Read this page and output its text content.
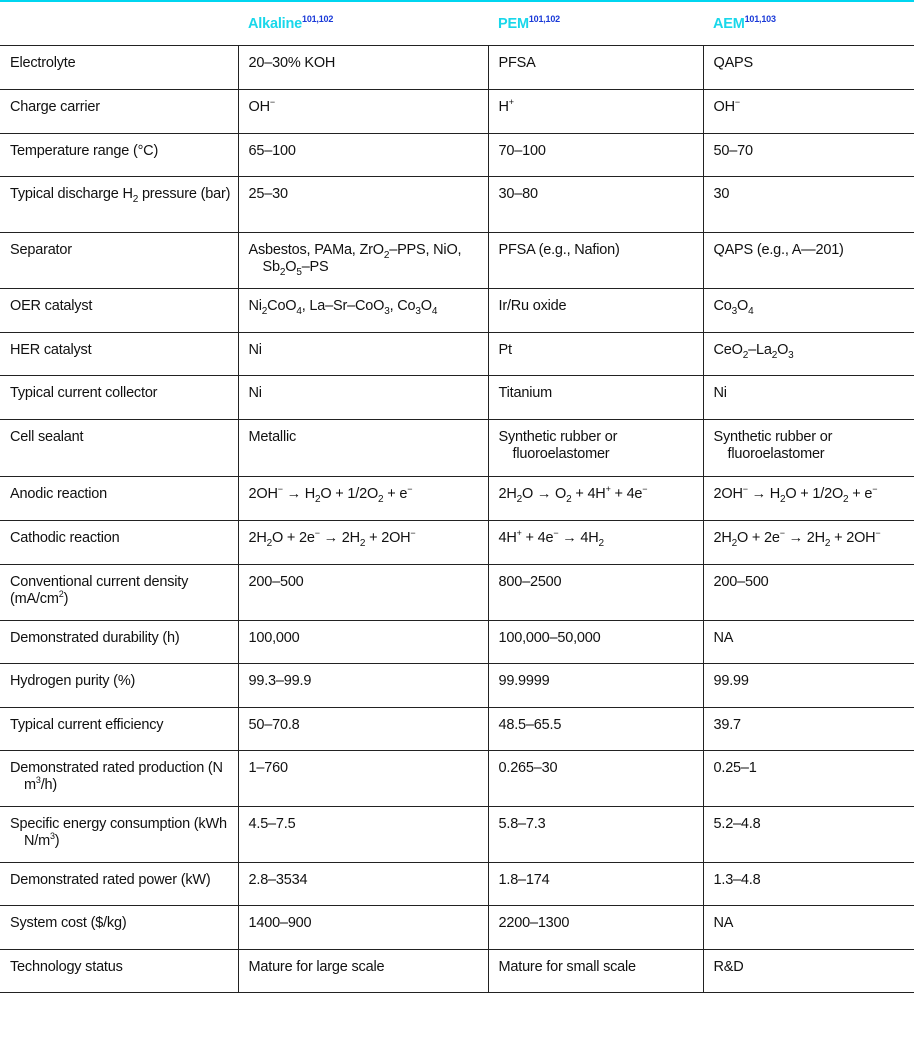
	Alkaline$^{101,102}$	PEM$^{101,102}$	AEM$^{101,103}$

Electrolyte	20–30% KOH	PFSA	QAPS

Charge carrier	OH−	H+	OH−

Temperature range (°C)	65–100	70–100	50–70

Typical discharge $H_2$ pressure (bar)	25–30	30–80	30

Separator	Asbestos, PAMa, ZrO$_2$–PPS, NiO, $Sb_2O_5-PS$	PFSA (e.g., Nafion)	QAPS (e.g., A—201)

OER catalyst	$Ni_2CoO_4$, La–Sr–CoO$_3$, $Co_3O_4$	Ir/Ru oxide	$Co_3O_4$

HER catalyst	Ni	Pt	$CeO_2-La_2O_3$

Typical current collector	Ni	Titanium	Ni

Cell sealant	Metallic	Synthetic rubber or fluoroelastomer	Synthetic rubber or fluoroelastomer

Anodic reaction	$2OH^- \to H_2O + 1/2O_2 + e^-$	$2H_2O \to O_2 + 4H^+ + 4e^-$	$2OH^- \to H_2O + 1/2O_2 + e^-$

Cathodic reaction	$2H_2O + 2e^- \to 2H_2 + 2OH^-$	$4H^+ + 4e^- \to 4H_2$	$2H_2O + 2e^- \to 2H_2 + 2OH^-$

Conventional current density $(mA/cm^2)$	200–500	800–2500	200–500

Demonstrated durability (h)	100,000	100,000–50,000	NA

Hydrogen purity (%)	99.3–99.9	99.9999	99.99

Typical current efficiency	50–70.8	48.5–65.5	39.7

Demonstrated rated production (N $m^3/h$)	1–760	0.265–30	0.25–1

Specific energy consumption (kWh $N/m^3$)	4.5–7.5	5.8–7.3	5.2–4.8

Demonstrated rated power (kW)	2.8–3534	1.8–174	1.3–4.8

System cost ($/kg)	1400–900	2200–1300	NA

Technology status	Mature for large scale	Mature for small scale	R&D
